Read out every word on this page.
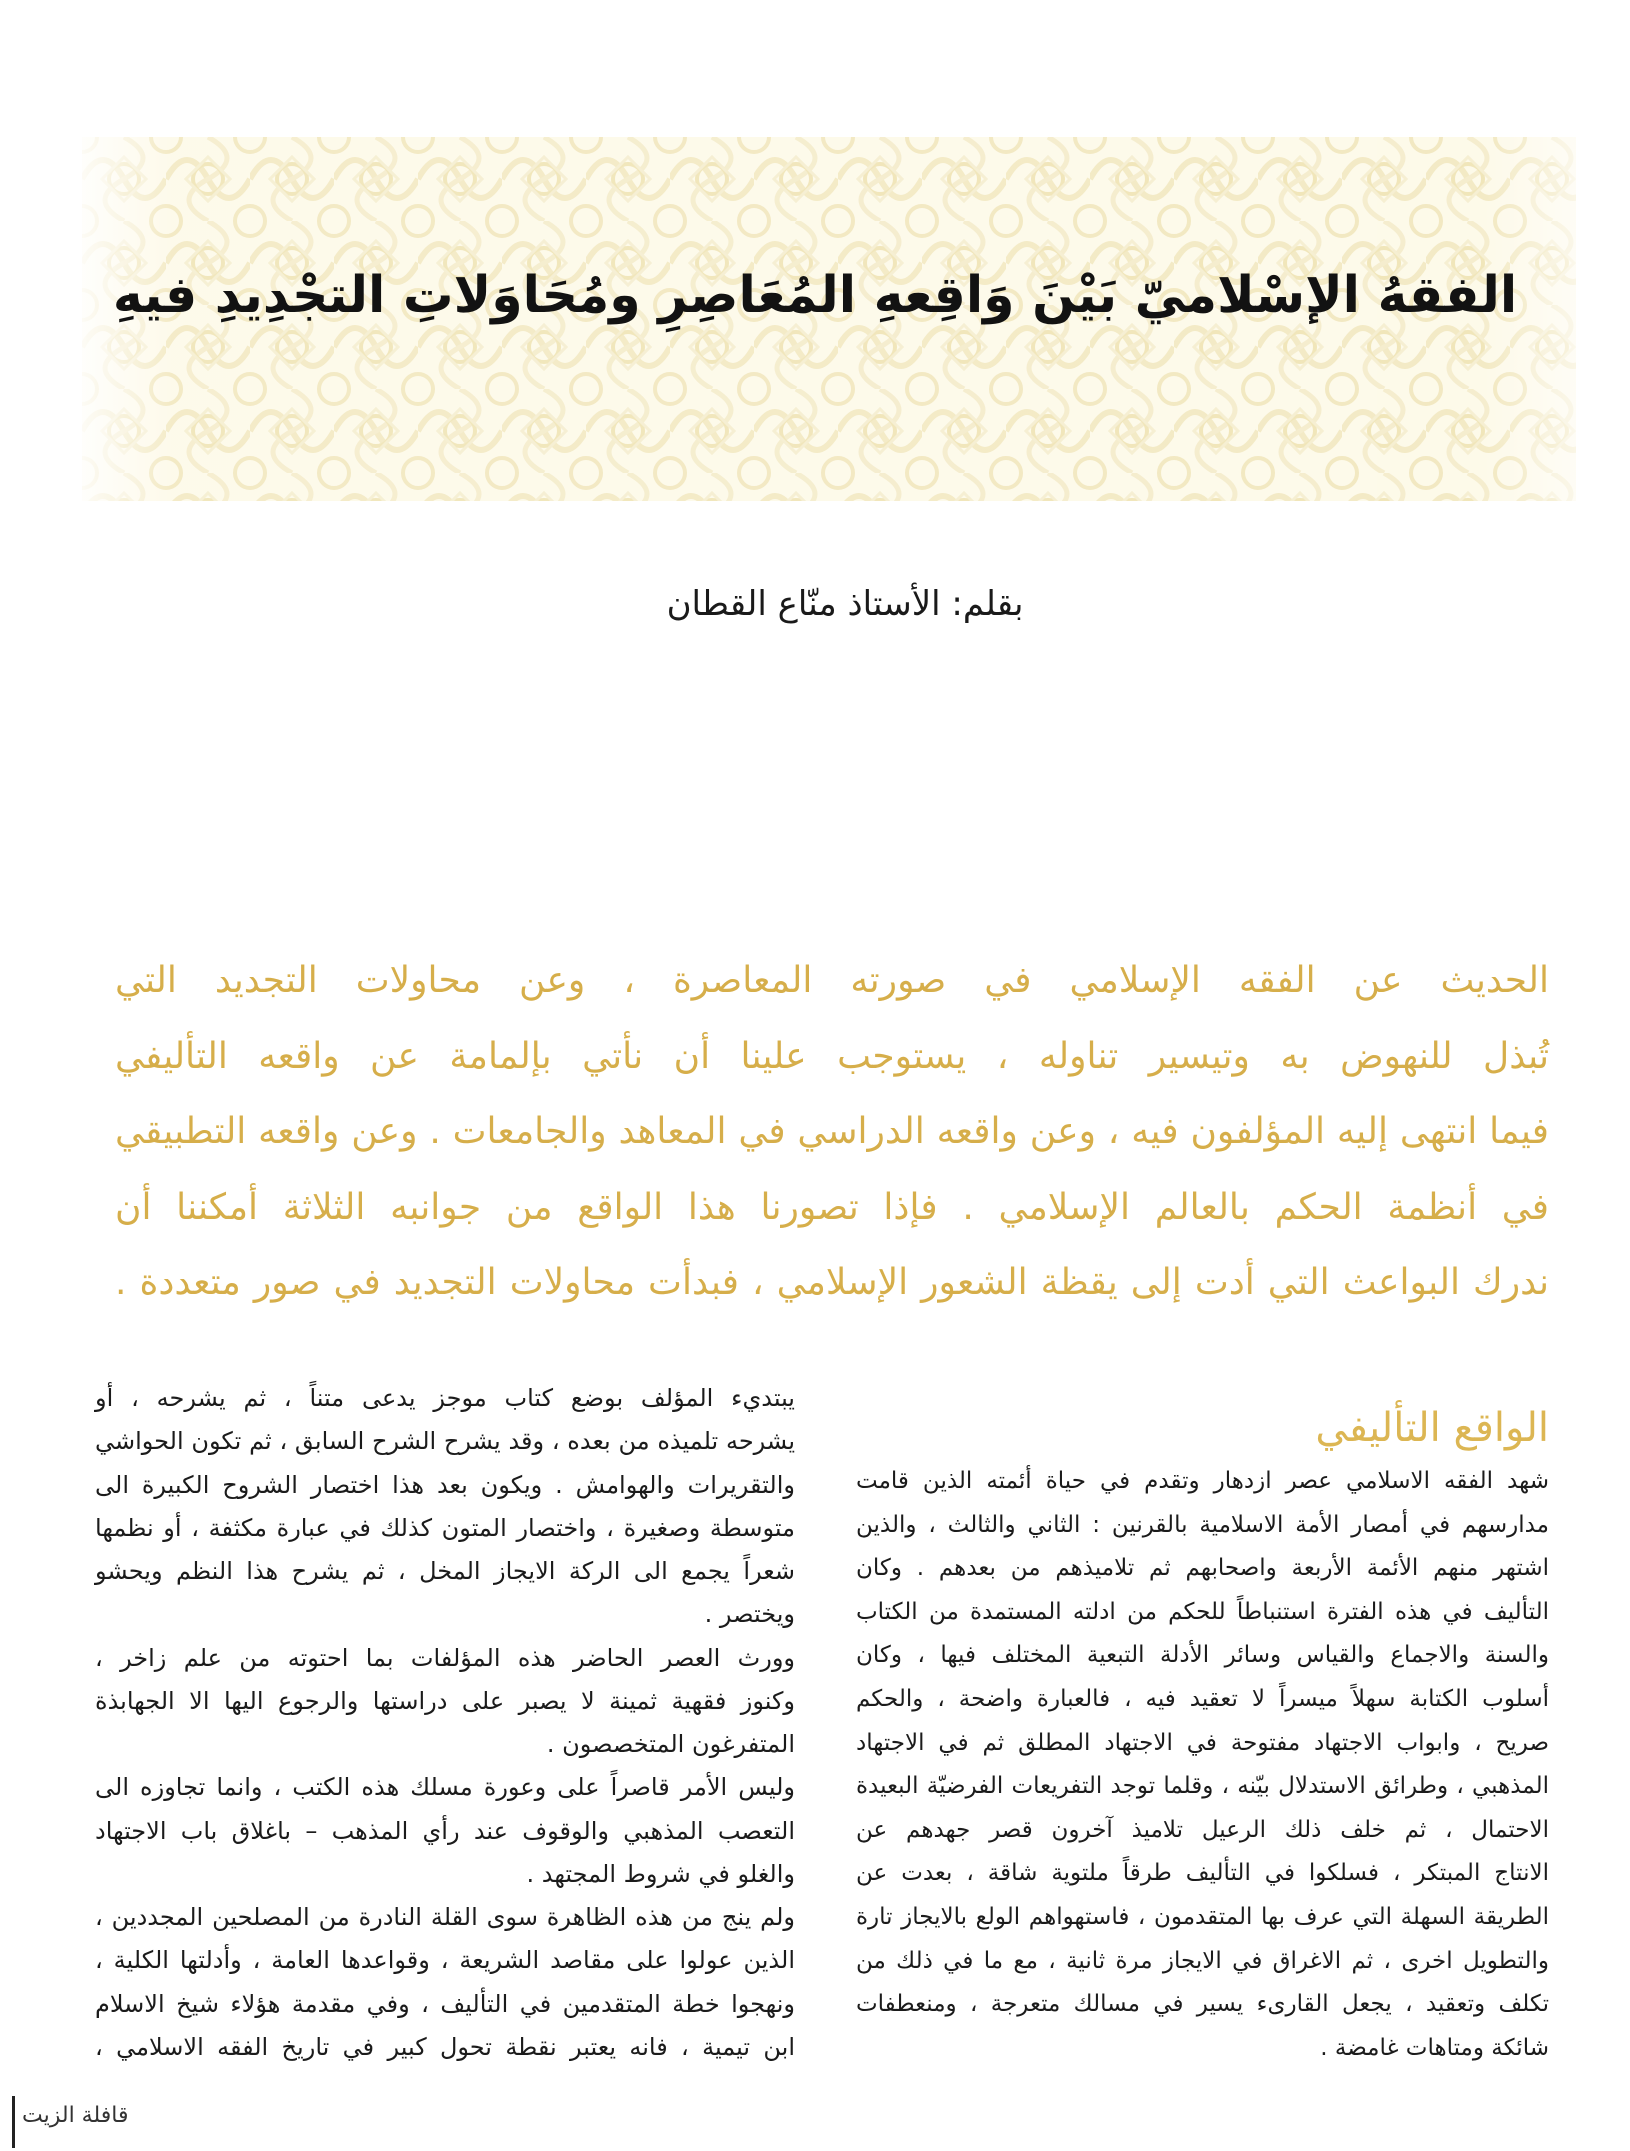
الفقهُ الإسْلاميّ بَيْنَ وَاقِعهِ المُعَاصِرِ ومُحَاوَلاتِ التجْدِيدِ فيهِ
بقلم: الأستاذ منّاع القطان
الحديث عن الفقه الإسلامي في صورته المعاصرة ، وعن محاولات التجديد التي
تُبذل للنهوض به وتيسير تناوله ، يستوجب علينا أن نأتي بإلمامة عن واقعه التأليفي
فيما انتهى إليه المؤلفون فيه ، وعن واقعه الدراسي في المعاهد والجامعات . وعن واقعه التطبيقي
في أنظمة الحكم بالعالم الإسلامي . فإذا تصورنا هذا الواقع من جوانبه الثلاثة أمكننا أن
ندرك البواعث التي أدت إلى يقظة الشعور الإسلامي ، فبدأت محاولات التجديد في صور متعددة .
الواقع التأليفي
شهد الفقه الاسلامي عصر ازدهار وتقدم في حياة أئمته الذين قامت
مدارسهم في أمصار الأمة الاسلامية بالقرنين : الثاني والثالث ، والذين
اشتهر منهم الأئمة الأربعة واصحابهم ثم تلاميذهم من بعدهم . وكان
التأليف في هذه الفترة استنباطاً للحكم من ادلته المستمدة من الكتاب
والسنة والاجماع والقياس وسائر الأدلة التبعية المختلف فيها ، وكان
أسلوب الكتابة سهلاً ميسراً لا تعقيد فيه ، فالعبارة واضحة ، والحكم
صريح ، وابواب الاجتهاد مفتوحة في الاجتهاد المطلق ثم في الاجتهاد
المذهبي ، وطرائق الاستدلال بيّنه ، وقلما توجد التفريعات الفرضيّة البعيدة
الاحتمال ، ثم خلف ذلك الرعيل تلاميذ آخرون قصر جهدهم عن
الانتاج المبتكر ، فسلكوا في التأليف طرقاً ملتوية شاقة ، بعدت عن
الطريقة السهلة التي عرف بها المتقدمون ، فاستهواهم الولع بالايجاز تارة
والتطويل اخرى ، ثم الاغراق في الايجاز مرة ثانية ، مع ما في ذلك من
تكلف وتعقيد ، يجعل القارىء يسير في مسالك متعرجة ، ومنعطفات
شائكة ومتاهات غامضة .
يبتديء المؤلف بوضع كتاب موجز يدعى متناً ، ثم يشرحه ، أو
يشرحه تلميذه من بعده ، وقد يشرح الشرح السابق ، ثم تكون الحواشي
والتقريرات والهوامش . ويكون بعد هذا اختصار الشروح الكبيرة الى
متوسطة وصغيرة ، واختصار المتون كذلك في عبارة مكثفة ، أو نظمها
شعراً يجمع الى الركة الايجاز المخل ، ثم يشرح هذا النظم ويحشو
ويختصر .
وورث العصر الحاضر هذه المؤلفات بما احتوته من علم زاخر ،
وكنوز فقهية ثمينة لا يصبر على دراستها والرجوع اليها الا الجهابذة
المتفرغون المتخصصون .
وليس الأمر قاصراً على وعورة مسلك هذه الكتب ، وانما تجاوزه الى
التعصب المذهبي والوقوف عند رأي المذهب – باغلاق باب الاجتهاد
والغلو في شروط المجتهد .
ولم ينج من هذه الظاهرة سوى القلة النادرة من المصلحين المجددين ،
الذين عولوا على مقاصد الشريعة ، وقواعدها العامة ، وأدلتها الكلية ،
ونهجوا خطة المتقدمين في التأليف ، وفي مقدمة هؤلاء شيخ الاسلام
ابن تيمية ، فانه يعتبر نقطة تحول كبير في تاريخ الفقه الاسلامي ،
قافلة الزيت
